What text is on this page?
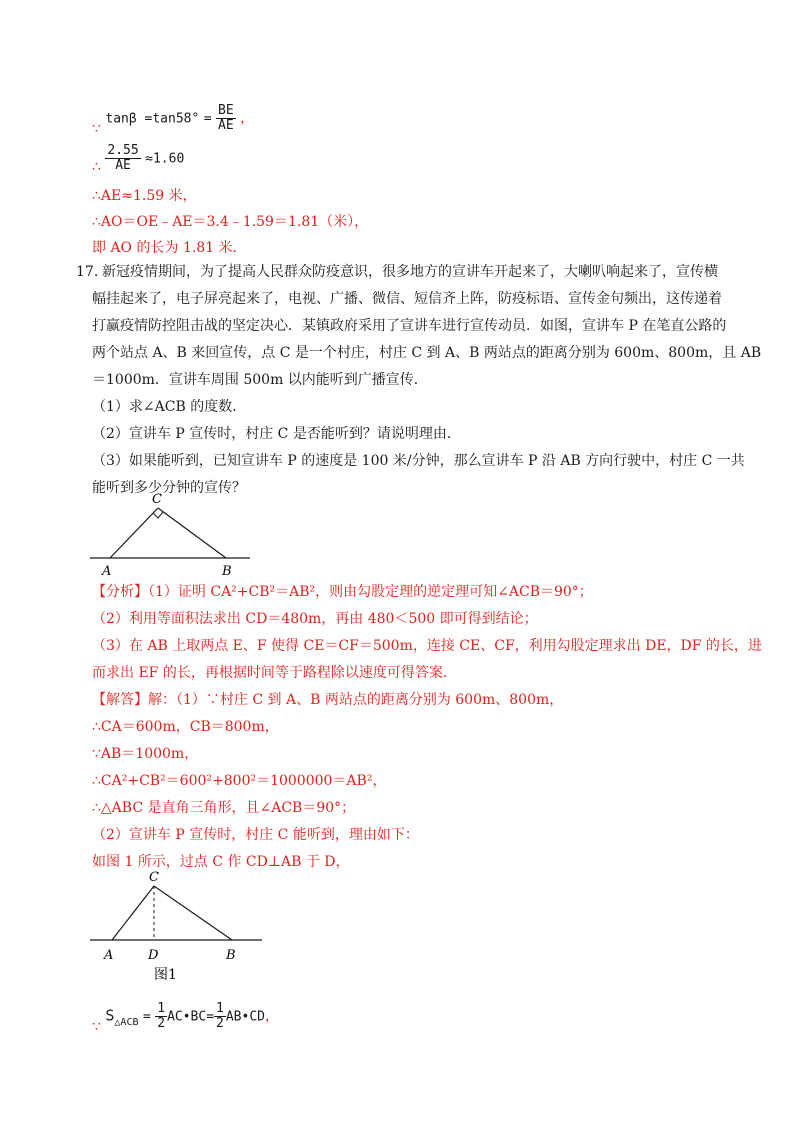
∵ $\tan\beta =\tan 58^\circ = \frac{BE}{AE}$ ，
∴ $\frac{2.55}{AE} \approx 1.60$
∴AE≈1.59 米，
∴AO＝OE﹣AE＝3.4﹣1.59＝1.81（米），
即 AO 的长为 1.81 米．
17. 新冠疫情期间，为了提高人民群众防疫意识，很多地方的宣讲车开起来了，大喇叭响起来了，宣传横
幅挂起来了，电子屏亮起来了，电视、广播、微信、短信齐上阵，防疫标语、宣传金句频出，这传递着
打赢疫情防控阻击战的坚定决心．某镇政府采用了宣讲车进行宣传动员．如图，宣讲车 P 在笔直公路的
两个站点 A、B 来回宣传，点 C 是一个村庄，村庄 C 到 A、B 两站点的距离分别为 600m、800m，且 AB
＝1000m．宣讲车周围 500m 以内能听到广播宣传．
（1）求∠ACB 的度数．
（2）宣讲车 P 宣传时，村庄 C 是否能听到？请说明理由．
（3）如果能听到，已知宣讲车 P 的速度是 100 米/分钟，那么宣讲车 P 沿 AB 方向行驶中，村庄 C 一共
能听到多少分钟的宣传？
C
A	B
【分析】（1）证明 CA²+CB²＝AB²，则由勾股定理的逆定理可知∠ACB＝90°；
（2）利用等面积法求出 CD＝480m，再由 480＜500 即可得到结论；
（3）在 AB 上取两点 E、F 使得 CE＝CF＝500m，连接 CE、CF，利用勾股定理求出 DE，DF 的长，进
而求出 EF 的长，再根据时间等于路程除以速度可得答案．
【解答】解：（1）∵村庄 C 到 A、B 两站点的距离分别为 600m、800m，
∴CA＝600m，CB＝800m，
∵AB＝1000m，
∴CA²+CB²＝600²+800²＝1000000＝AB²，
∴△ABC 是直角三角形，且∠ACB＝90°；
（2）宣讲车 P 宣传时，村庄 C 能听到，理由如下：
如图 1 所示，过点 C 作 CD⊥AB 于 D，
C
A	D	B
图1
∵ $S_{\triangle ACB} = \frac{1}{2}$ AC•BC= $\frac{1}{2}$ AB•CD，
